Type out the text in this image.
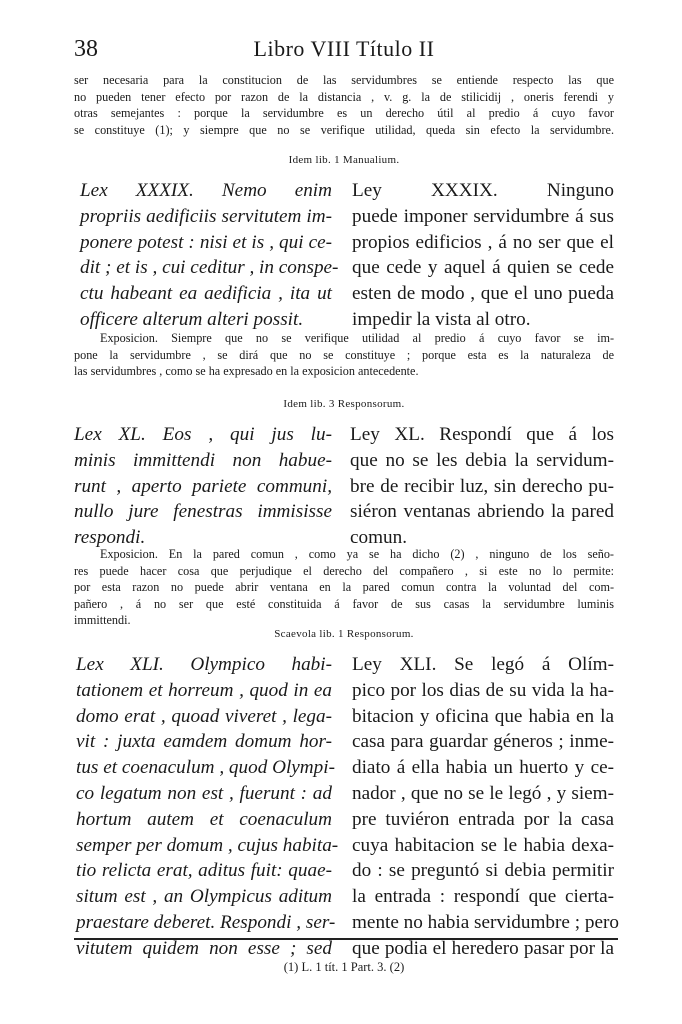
38	Libro VIII Título II
ser necesaria para la constitucion de las servidumbres se entiende respecto las que
no pueden tener efecto por razon de la distancia , v. g. la de stilicidij , oneris ferendi y
otras semejantes : porque la servidumbre es un derecho útil al predio á cuyo favor
se constituye (1); y siempre que no se verifique utilidad, queda sin efecto la servidumbre.
Idem lib. 1 Manualium.
Lex XXXIX. Nemo enim
propriis aedificiis servitutem im-
ponere potest : nisi et is , qui ce-
dit ; et is , cui ceditur , in conspe-
ctu habeant ea aedificia , ita ut
officere alterum alteri possit.
Ley XXXIX. Ninguno
puede imponer servidumbre á sus
propios edificios , á no ser que el
que cede y aquel á quien se cede
esten de modo , que el uno pueda
impedir la vista al otro.
Exposicion. Siempre que no se verifique utilidad al predio á cuyo favor se im-
pone la servidumbre , se dirá que no se constituye ; porque esta es la naturaleza de
las servidumbres , como se ha expresado en la exposicion antecedente.
Idem lib. 3 Responsorum.
Lex XL. Eos , qui jus lu-
minis immittendi non habue-
runt , aperto pariete communi,
nullo jure fenestras immisisse
respondi.
Ley XL. Respondí que á los
que no se les debia la servidum-
bre de recibir luz, sin derecho pu-
siéron ventanas abriendo la pared
comun.
Exposicion. En la pared comun , como ya se ha dicho (2) , ninguno de los seño-
res puede hacer cosa que perjudique el derecho del compañero , si este no lo permite:
por esta razon no puede abrir ventana en la pared comun contra la voluntad del com-
pañero , á no ser que esté constituida á favor de sus casas la servidumbre luminis
immittendi.
Scaevola lib. 1 Responsorum.
Lex XLI. Olympico habi-
tationem et horreum , quod in ea
domo erat , quoad viveret , lega-
vit : juxta eamdem domum hor-
tus et coenaculum , quod Olympi-
co legatum non est , fuerunt : ad
hortum autem et coenaculum
semper per domum , cujus habita-
tio relicta erat, aditus fuit: quae-
situm est , an Olympicus aditum
praestare deberet. Respondi , ser-
vitutem quidem non esse ; sed
Ley XLI. Se legó á Olím-
pico por los dias de su vida la ha-
bitacion y oficina que habia en la
casa para guardar géneros ; inme-
diato á ella habia un huerto y ce-
nador , que no se le legó , y siem-
pre tuviéron entrada por la casa
cuya habitacion se le habia dexa-
do : se preguntó si debia permitir
la entrada : respondí que cierta-
mente no habia servidumbre ; pero
que podia el heredero pasar por la
(1) L. 1 tít. 1 Part. 3. (2)
